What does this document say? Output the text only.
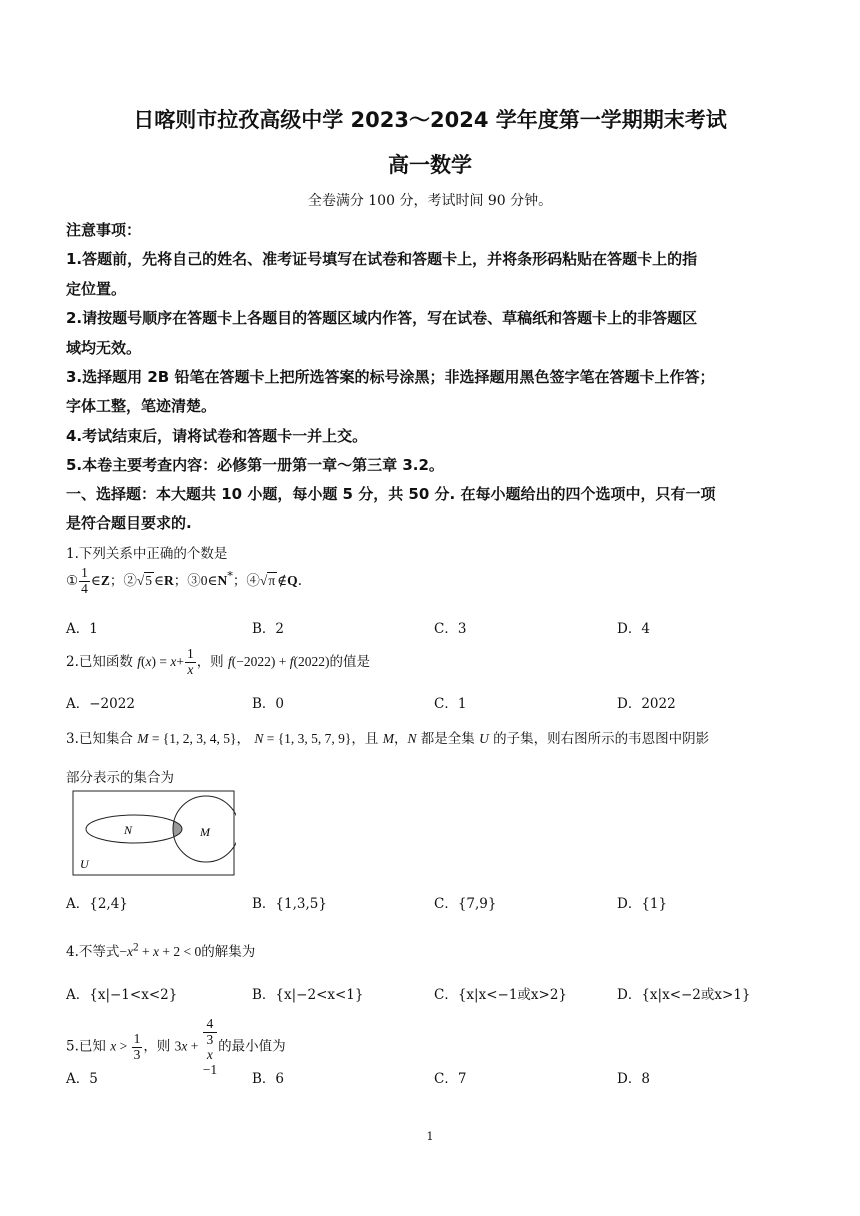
日喀则市拉孜高级中学 2023～2024 学年度第一学期期末考试
高一数学
全卷满分 100 分，考试时间 90 分钟。
注意事项：
1.答题前，先将自己的姓名、准考证号填写在试卷和答题卡上，并将条形码粘贴在答题卡上的指
定位置。
2.请按题号顺序在答题卡上各题目的答题区域内作答，写在试卷、草稿纸和答题卡上的非答题区
域均无效。
3.选择题用 2B 铅笔在答题卡上把所选答案的标号涂黑；非选择题用黑色签字笔在答题卡上作答；
字体工整，笔迹清楚。
4.考试结束后，请将试卷和答题卡一并上交。
5.本卷主要考查内容：必修第一册第一章～第三章 3.2。
一、选择题：本大题共 10 小题，每小题 5 分，共 50 分. 在每小题给出的四个选项中，只有一项
是符合题目要求的.
1.下列关系中正确的个数是
① $\frac{1}{4}$ ∈Z；②√5 ∈R；③0∈N*；④√π ∉Q.
A．1	B．2	C．3	D．4
2.已知函数 $f(x) = x+ \frac{1}{x}$ ，则 f(−2022) + f(2022)的值是
A．−2022	B．0	C．1	D．2022
3.已知集合 M = {1, 2, 3, 4, 5}， N = {1, 3, 5, 7, 9}，且 M，N 都是全集 U 的子集，则右图所示的韦恩图中阴影
部分表示的集合为
N	M
U
A．{2,4}	B．{1,3,5}	C．{7,9}	D．{1}
4.不等式$-x^2 + x + 2 < 0$的解集为
A．{x|−1<x<2}	B．{x|−2<x<1}	C．{x|x<−1或x>2}	D．{x|x<−2或x>1}
5.已知 $x > \frac{1}{3}$ ，则 3x + 4
3
x
−1 的最小值为
A．5	B．6	C．7	D．8
1
